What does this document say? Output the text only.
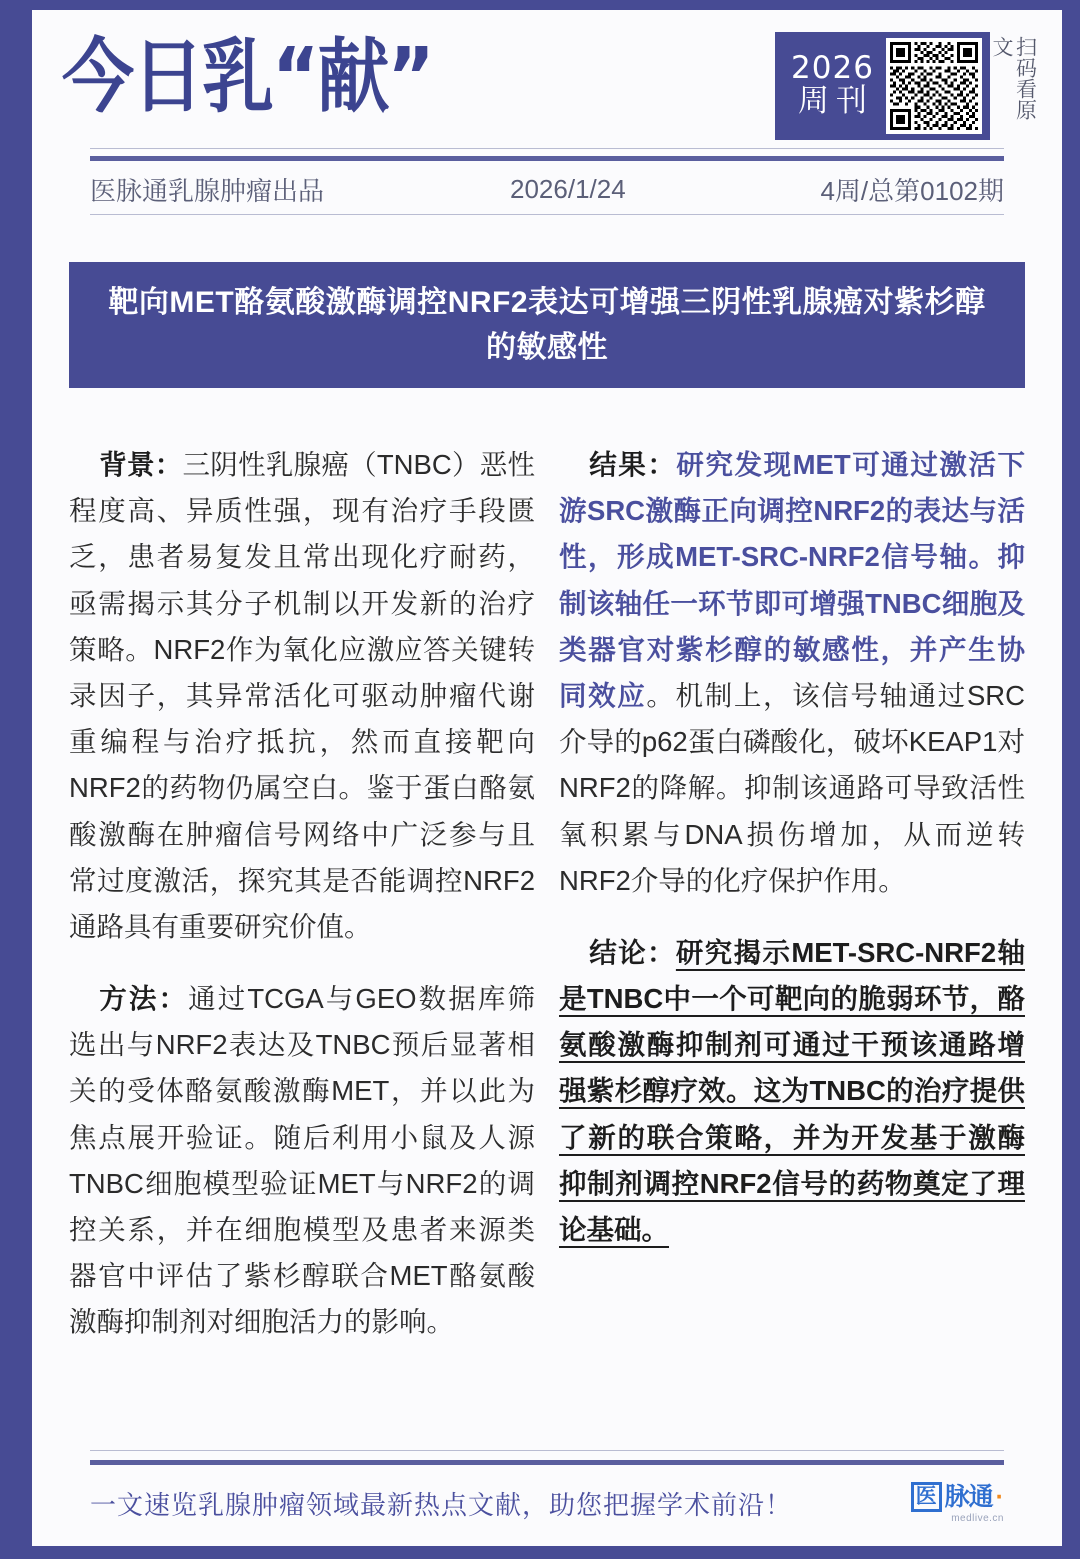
今日乳“献”	2026
周刊	扫码看原文
医脉通乳腺肿瘤出品	2026/1/24	4周/总第0102期
靶向MET酪氨酸激酶调控NRF2表达可增强三阴性乳腺癌对紫杉醇的敏感性

背景：三阴性乳腺癌（TNBC）恶性程度高、异质性强，现有治疗手段匮乏，患者易复发且常出现化疗耐药，亟需揭示其分子机制以开发新的治疗策略。NRF2作为氧化应激应答关键转录因子，其异常活化可驱动肿瘤代谢重编程与治疗抵抗，然而直接靶向NRF2的药物仍属空白。鉴于蛋白酪氨酸激酶在肿瘤信号网络中广泛参与且常过度激活，探究其是否能调控NRF2通路具有重要研究价值。

方法：通过TCGA与GEO数据库筛选出与NRF2表达及TNBC预后显著相关的受体酪氨酸激酶MET，并以此为焦点展开验证。随后利用小鼠及人源TNBC细胞模型验证MET与NRF2的调控关系，并在细胞模型及患者来源类器官中评估了紫杉醇联合MET酪氨酸激酶抑制剂对细胞活力的影响。

结果：研究发现MET可通过激活下游SRC激酶正向调控NRF2的表达与活性，形成MET-SRC-NRF2信号轴。抑制该轴任一环节即可增强TNBC细胞及类器官对紫杉醇的敏感性，并产生协同效应。机制上，该信号轴通过SRC介导的p62蛋白磷酸化，破坏KEAP1对NRF2的降解。抑制该通路可导致活性氧积累与DNA损伤增加，从而逆转NRF2介导的化疗保护作用。

结论：研究揭示MET-SRC-NRF2轴是TNBC中一个可靶向的脆弱环节，酪氨酸激酶抑制剂可通过干预该通路增强紫杉醇疗效。这为TNBC的治疗提供了新的联合策略，并为开发基于激酶抑制剂调控NRF2信号的药物奠定了理论基础。

一文速览乳腺肿瘤领域最新热点文献，助您把握学术前沿！	医 脉通 ·
medlive.cn
